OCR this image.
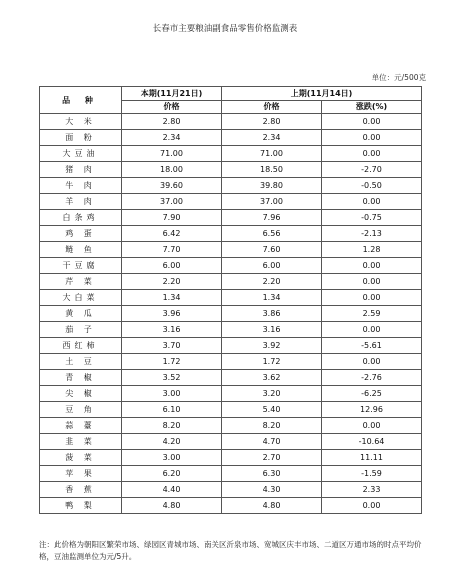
长春市主要粮油副食品零售价格监测表
单位：元/500克
品 种	本期(11月21日)	上期(11月14日)	
	价格	价格	涨跌(%)
大 米	2.80	2.80	0.00
面 粉	2.34	2.34	0.00
大豆油	71.00	71.00	0.00
猪 肉	18.00	18.50	-2.70
牛 肉	39.60	39.80	-0.50
羊 肉	37.00	37.00	0.00
白条鸡	7.90	7.96	-0.75
鸡 蛋	6.42	6.56	-2.13
鲢 鱼	7.70	7.60	1.28
干豆腐	6.00	6.00	0.00
芹 菜	2.20	2.20	0.00
大白菜	1.34	1.34	0.00
黄 瓜	3.96	3.86	2.59
茄 子	3.16	3.16	0.00
西红柿	3.70	3.92	-5.61
土 豆	1.72	1.72	0.00
青 椒	3.52	3.62	-2.76
尖 椒	3.00	3.20	-6.25
豆 角	6.10	5.40	12.96
蒜 薹	8.20	8.20	0.00
韭 菜	4.20	4.70	-10.64
菠 菜	3.00	2.70	11.11
苹 果	6.20	6.30	-1.59
香 蕉	4.40	4.30	2.33
鸭 梨	4.80	4.80	0.00
注：此价格为朝阳区繁荣市场、绿园区青城市场、南关区沂泉市场、宽城区庆丰市场、二道区万通市场的时点平均价格，豆油监测单位为元/5升。
